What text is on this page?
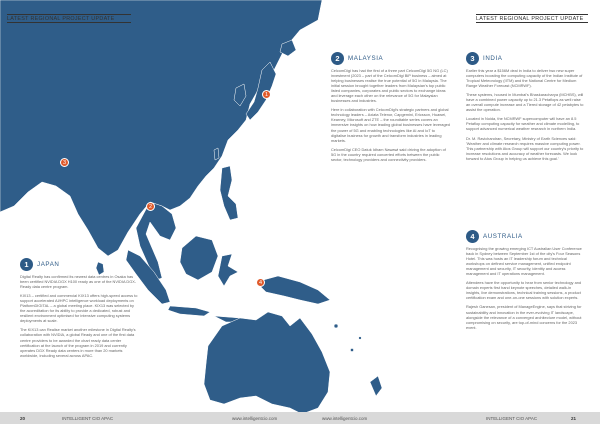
LATEST REGIONAL PROJECT UPDATE	LATEST REGIONAL PROJECT UPDATE
1
2
3
4
2	MALAYSIA

CelcomDigi has had the first of a three part CelcomDigi 5G NG (LC) investment (2023 – part of the CelcomDigi BiP business – aimed at helping businesses realise the true potential of 5G in Malaysia. The initial session brought together leaders from Malaysian's top public listed companies, corporates and public sectors to exchange ideas and leverage each other on the relevance of 5G for Malaysian businesses and industries.

Here in collaboration with CelcomDigi's strategic partners and global technology leaders – Axiata Telenor, Capgemini, Ericsson, Huawei, Kearney, Microsoft and ZTE – the roundtable series covers an immersive insights on how leading global businesses have leveraged the power of 5G and enabling technologies like AI and IoT to digitalise business for growth and transform industries in leading markets.

CelcomDigi CEO Datuk Idham Nawawi said driving the adoption of 5G in the country required concerted efforts between the public sector, technology providers and connectivity providers.

3	INDIA

Earlier this year a $156M deal in India to deliver two new super computers boosting the computing capacity of the Indian Institute of Tropical Meteorology (IITM) and the National Centre for Medium Range Weather Forecast (NCMRWF).

These systems, housed in Mumbai's Bhaskaracharya (MCHBS), will have a combined power capacity up to 21.3 Petaflops as well raise an overall compute increase and a Tiered storage of 42 petabytes to assist the operation.

Located in Noida, the NCMRWF supercomputer will have an 8.5 Petaflop computing capacity for weather and climate modelling, to support advanced numerical weather research in northern India.

Dr. M. Ravichandran, Secretary, Ministry of Earth Sciences said: 'Weather and climate research requires massive computing power. This partnership with Atos Group will support our country's priority to increase resolutions and accuracy of weather forecasts. We look forward to Atos Group in helping us achieve this goal.'

4	AUSTRALIA

Recognising the growing emerging ICT Australian User Conference back in Sydney between September 1st of the city's Four Seasons Hotel. This was hosts an IT leadership forum and technical workshops on defined service management, unified endpoint management and security, IT security, identity and access management and IT operations management.

Attendees have the opportunity to hear from senior technology and domain experts first hand keynote speeches, detailed walk-in insights, live demonstrations, technical training sessions, a product certification exam and one-on-one sessions with solution experts.

Rajesh Ganesan, president of ManageEngine, says that striving for sustainability and innovation in the ever-evolving IT landscape, alongside the relevance of a converged architecture model, without compromising on security, are top-of-mind concerns for the 2023 event.

1	JAPAN

Digital Realty has confirmed its newest data centres in Osaka has been certified NVIDIA DGX H100 ready as one of the NVIDIA DGX-Ready data centre program.

KIX13 – certified and commercial KIX13 offers high-speed access to support accelerated AI/HPC intelligence workload deployments on PlatformDIGITAL – a global meeting place. KIX13 was selected by the accreditation for its ability to provide a dedicated, robust and resilient environment optimised for intensive computing systems deployments at scale.

The KIX13 can Realise market another milestone in Digital Realty's collaboration with NVIDIA, a global Ready and one of the first data centre providers to be awarded the chart ready data center certification at the launch of the program in 2019 and currently operates DGX Ready data centers in more than 20 markets worldwide, including several across APAC.

20	INTELLIGENT CIO APAC	www.intelligentcio.com	www.intelligentcio.com	INTELLIGENT CIO APAC	21
